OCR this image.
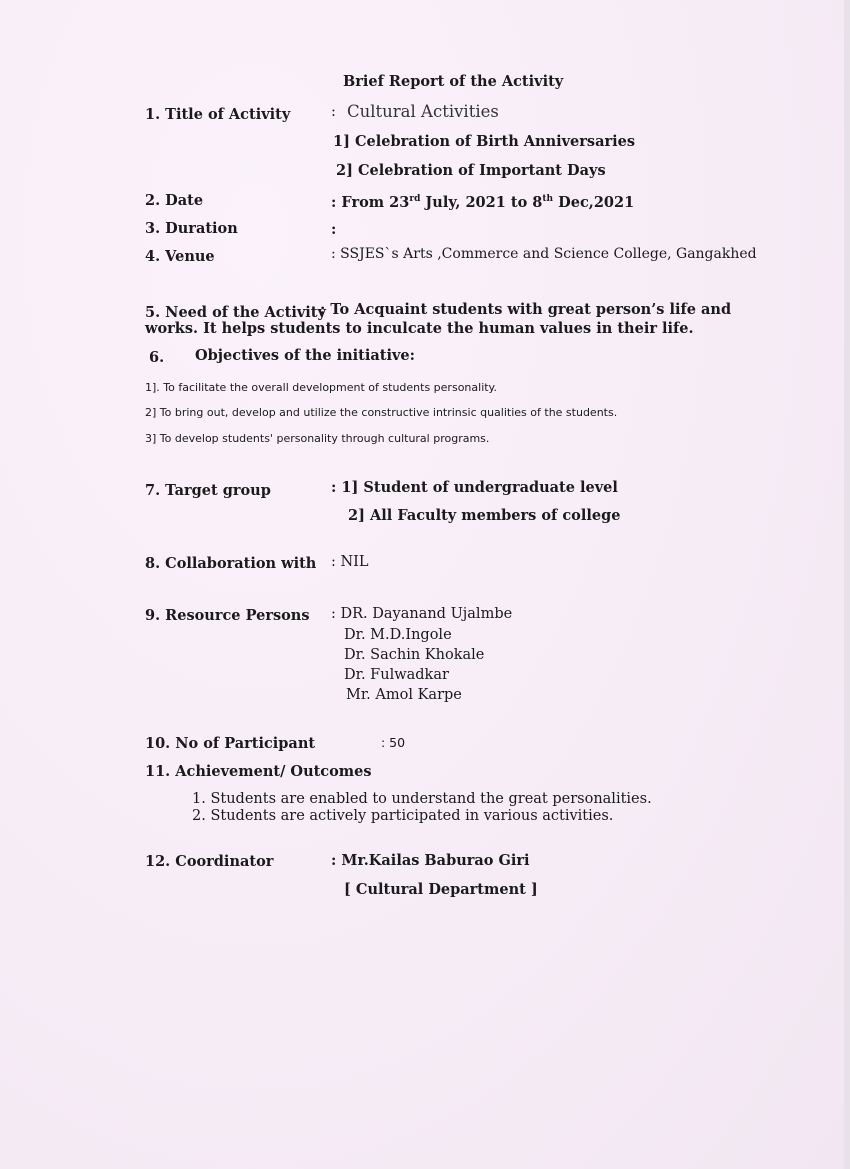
Brief Report of the Activity
1. Title of Activity	: Cultural Activities
1] Celebration of Birth Anniversaries
2] Celebration of Important Days
2. Date	: From 23rd July, 2021 to 8th Dec,2021
3. Duration	:
4. Venue	: SSJES`s Arts ,Commerce and Science College, Gangakhed
5. Need of the Activity
: To Acquaint students with great person’s life and
works. It helps students to inculcate the human values in their life.
6. Objectives of the initiative:
1]. To facilitate the overall development of students personality.
2] To bring out, develop and utilize the constructive intrinsic qualities of the students.
3] To develop students' personality through cultural programs.
7. Target group	: 1] Student of undergraduate level
2] All Faculty members of college
8. Collaboration with : NIL
9. Resource Persons : DR. Dayanand Ujalmbe
Dr. M.D.Ingole
Dr. Sachin Khokale
Dr. Fulwadkar
Mr. Amol Karpe
10. No of Participant	: 50
11. Achievement/ Outcomes
1. Students are enabled to understand the great personalities.
2. Students are actively participated in various activities.
12. Coordinator	: Mr.Kailas Baburao Giri
[ Cultural Department ]
